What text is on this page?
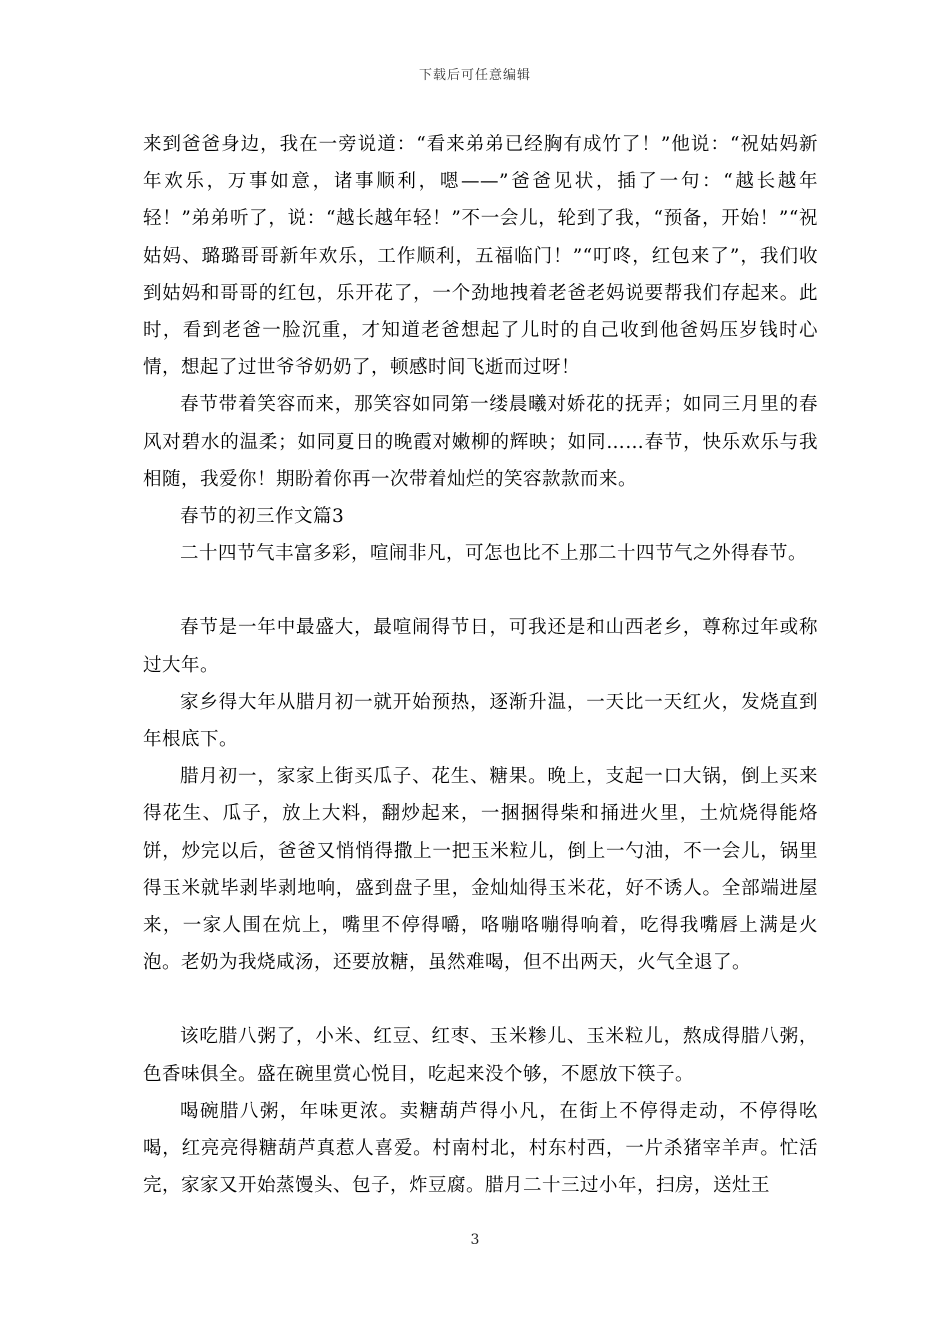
下载后可任意编辑

来到爸爸身边，我在一旁说道：“看来弟弟已经胸有成竹了！”他说：“祝姑妈新年欢乐，万事如意，诸事顺利，嗯——”爸爸见状，插了一句：“越长越年轻！”弟弟听了，说：“越长越年轻！”不一会儿，轮到了我，“预备，开始！”“祝姑妈、璐璐哥哥新年欢乐，工作顺利，五福临门！”“叮咚，红包来了”，我们收到姑妈和哥哥的红包，乐开花了，一个劲地拽着老爸老妈说要帮我们存起来。此时，看到老爸一脸沉重，才知道老爸想起了儿时的自己收到他爸妈压岁钱时心情，想起了过世爷爷奶奶了，顿感时间飞逝而过呀！

春节带着笑容而来，那笑容如同第一缕晨曦对娇花的抚弄；如同三月里的春风对碧水的温柔；如同夏日的晚霞对嫩柳的辉映；如同……春节，快乐欢乐与我相随，我爱你！期盼着你再一次带着灿烂的笑容款款而来。

春节的初三作文篇3

二十四节气丰富多彩，喧闹非凡，可怎也比不上那二十四节气之外得春节。

春节是一年中最盛大，最喧闹得节日，可我还是和山西老乡，尊称过年或称过大年。

家乡得大年从腊月初一就开始预热，逐渐升温，一天比一天红火，发烧直到年根底下。

腊月初一，家家上街买瓜子、花生、糖果。晚上，支起一口大锅，倒上买来得花生、瓜子，放上大料，翻炒起来，一捆捆得柴和捅进火里，土炕烧得能烙饼，炒完以后，爸爸又悄悄得撒上一把玉米粒儿，倒上一勺油，不一会儿，锅里得玉米就毕剥毕剥地响，盛到盘子里，金灿灿得玉米花，好不诱人。全部端进屋来，一家人围在炕上，嘴里不停得嚼，咯嘣咯嘣得响着，吃得我嘴唇上满是火泡。老奶为我烧咸汤，还要放糖，虽然难喝，但不出两天，火气全退了。

该吃腊八粥了，小米、红豆、红枣、玉米糁儿、玉米粒儿，熬成得腊八粥，色香味俱全。盛在碗里赏心悦目，吃起来没个够，不愿放下筷子。

喝碗腊八粥，年味更浓。卖糖葫芦得小凡，在街上不停得走动，不停得吆喝，红亮亮得糖葫芦真惹人喜爱。村南村北，村东村西，一片杀猪宰羊声。忙活完，家家又开始蒸馒头、包子，炸豆腐。腊月二十三过小年，扫房，送灶王

3
